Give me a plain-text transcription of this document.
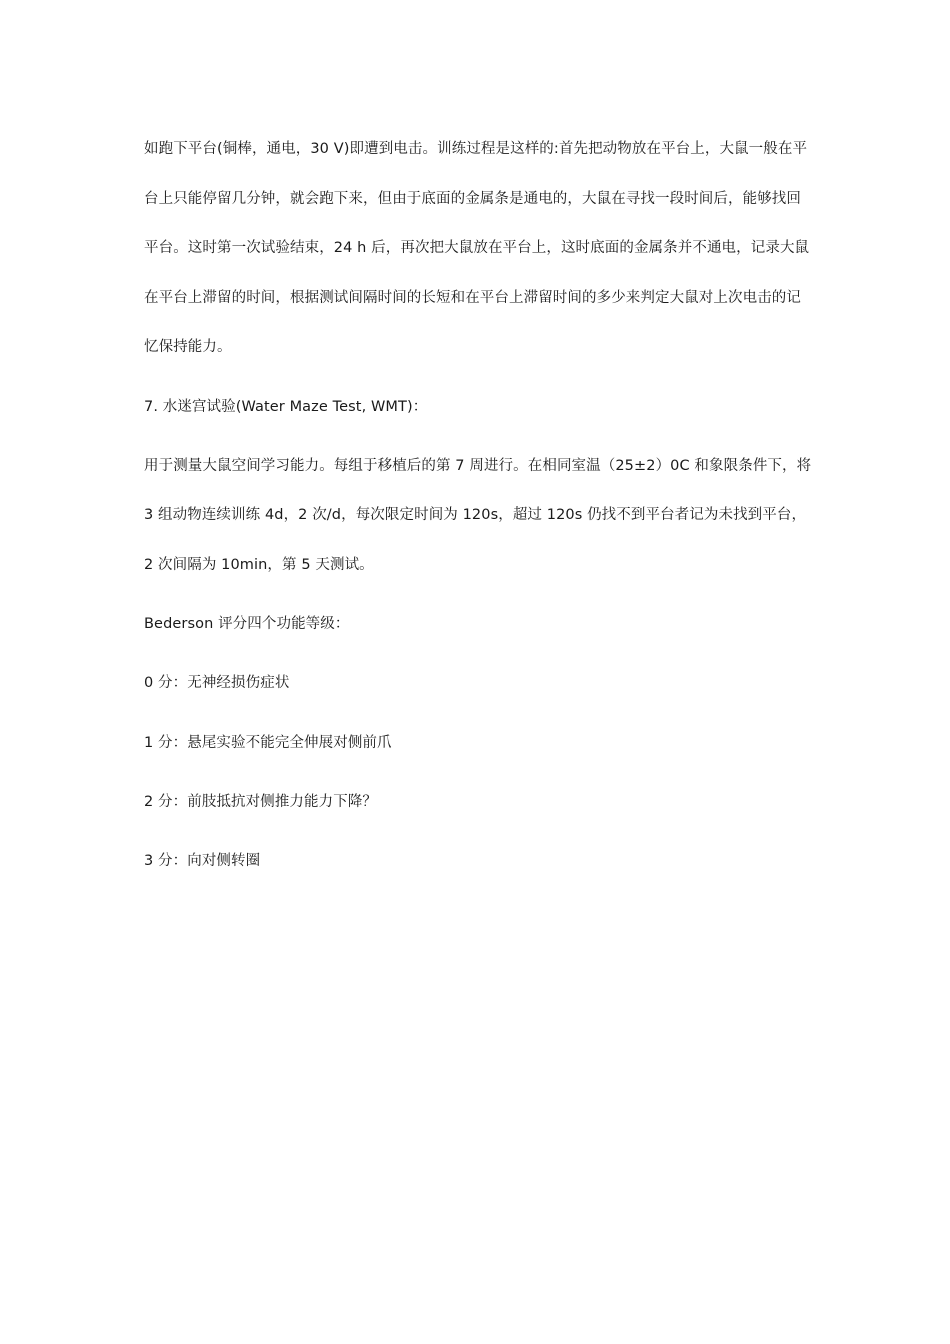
如跑下平台(铜棒，通电，30 V)即遭到电击。训练过程是这样的:首先把动物放在平台上，大鼠一般在平台上只能停留几分钟，就会跑下来，但由于底面的金属条是通电的，大鼠在寻找一段时间后，能够找回平台。这时第一次试验结束，24 h 后，再次把大鼠放在平台上，这时底面的金属条并不通电，记录大鼠在平台上滞留的时间，根据测试间隔时间的长短和在平台上滞留时间的多少来判定大鼠对上次电击的记忆保持能力。

7. 水迷宫试验(Water Maze Test, WMT)：

用于测量大鼠空间学习能力。每组于移植后的第 7 周进行。在相同室温（25±2）0C 和象限条件下，将 3 组动物连续训练 4d，2 次/d，每次限定时间为 120s，超过 120s 仍找不到平台者记为未找到平台，2 次间隔为 10min，第 5 天测试。

Bederson 评分四个功能等级：

0 分：无神经损伤症状

1 分：悬尾实验不能完全伸展对侧前爪

2 分：前肢抵抗对侧推力能力下降？

3 分：向对侧转圈
